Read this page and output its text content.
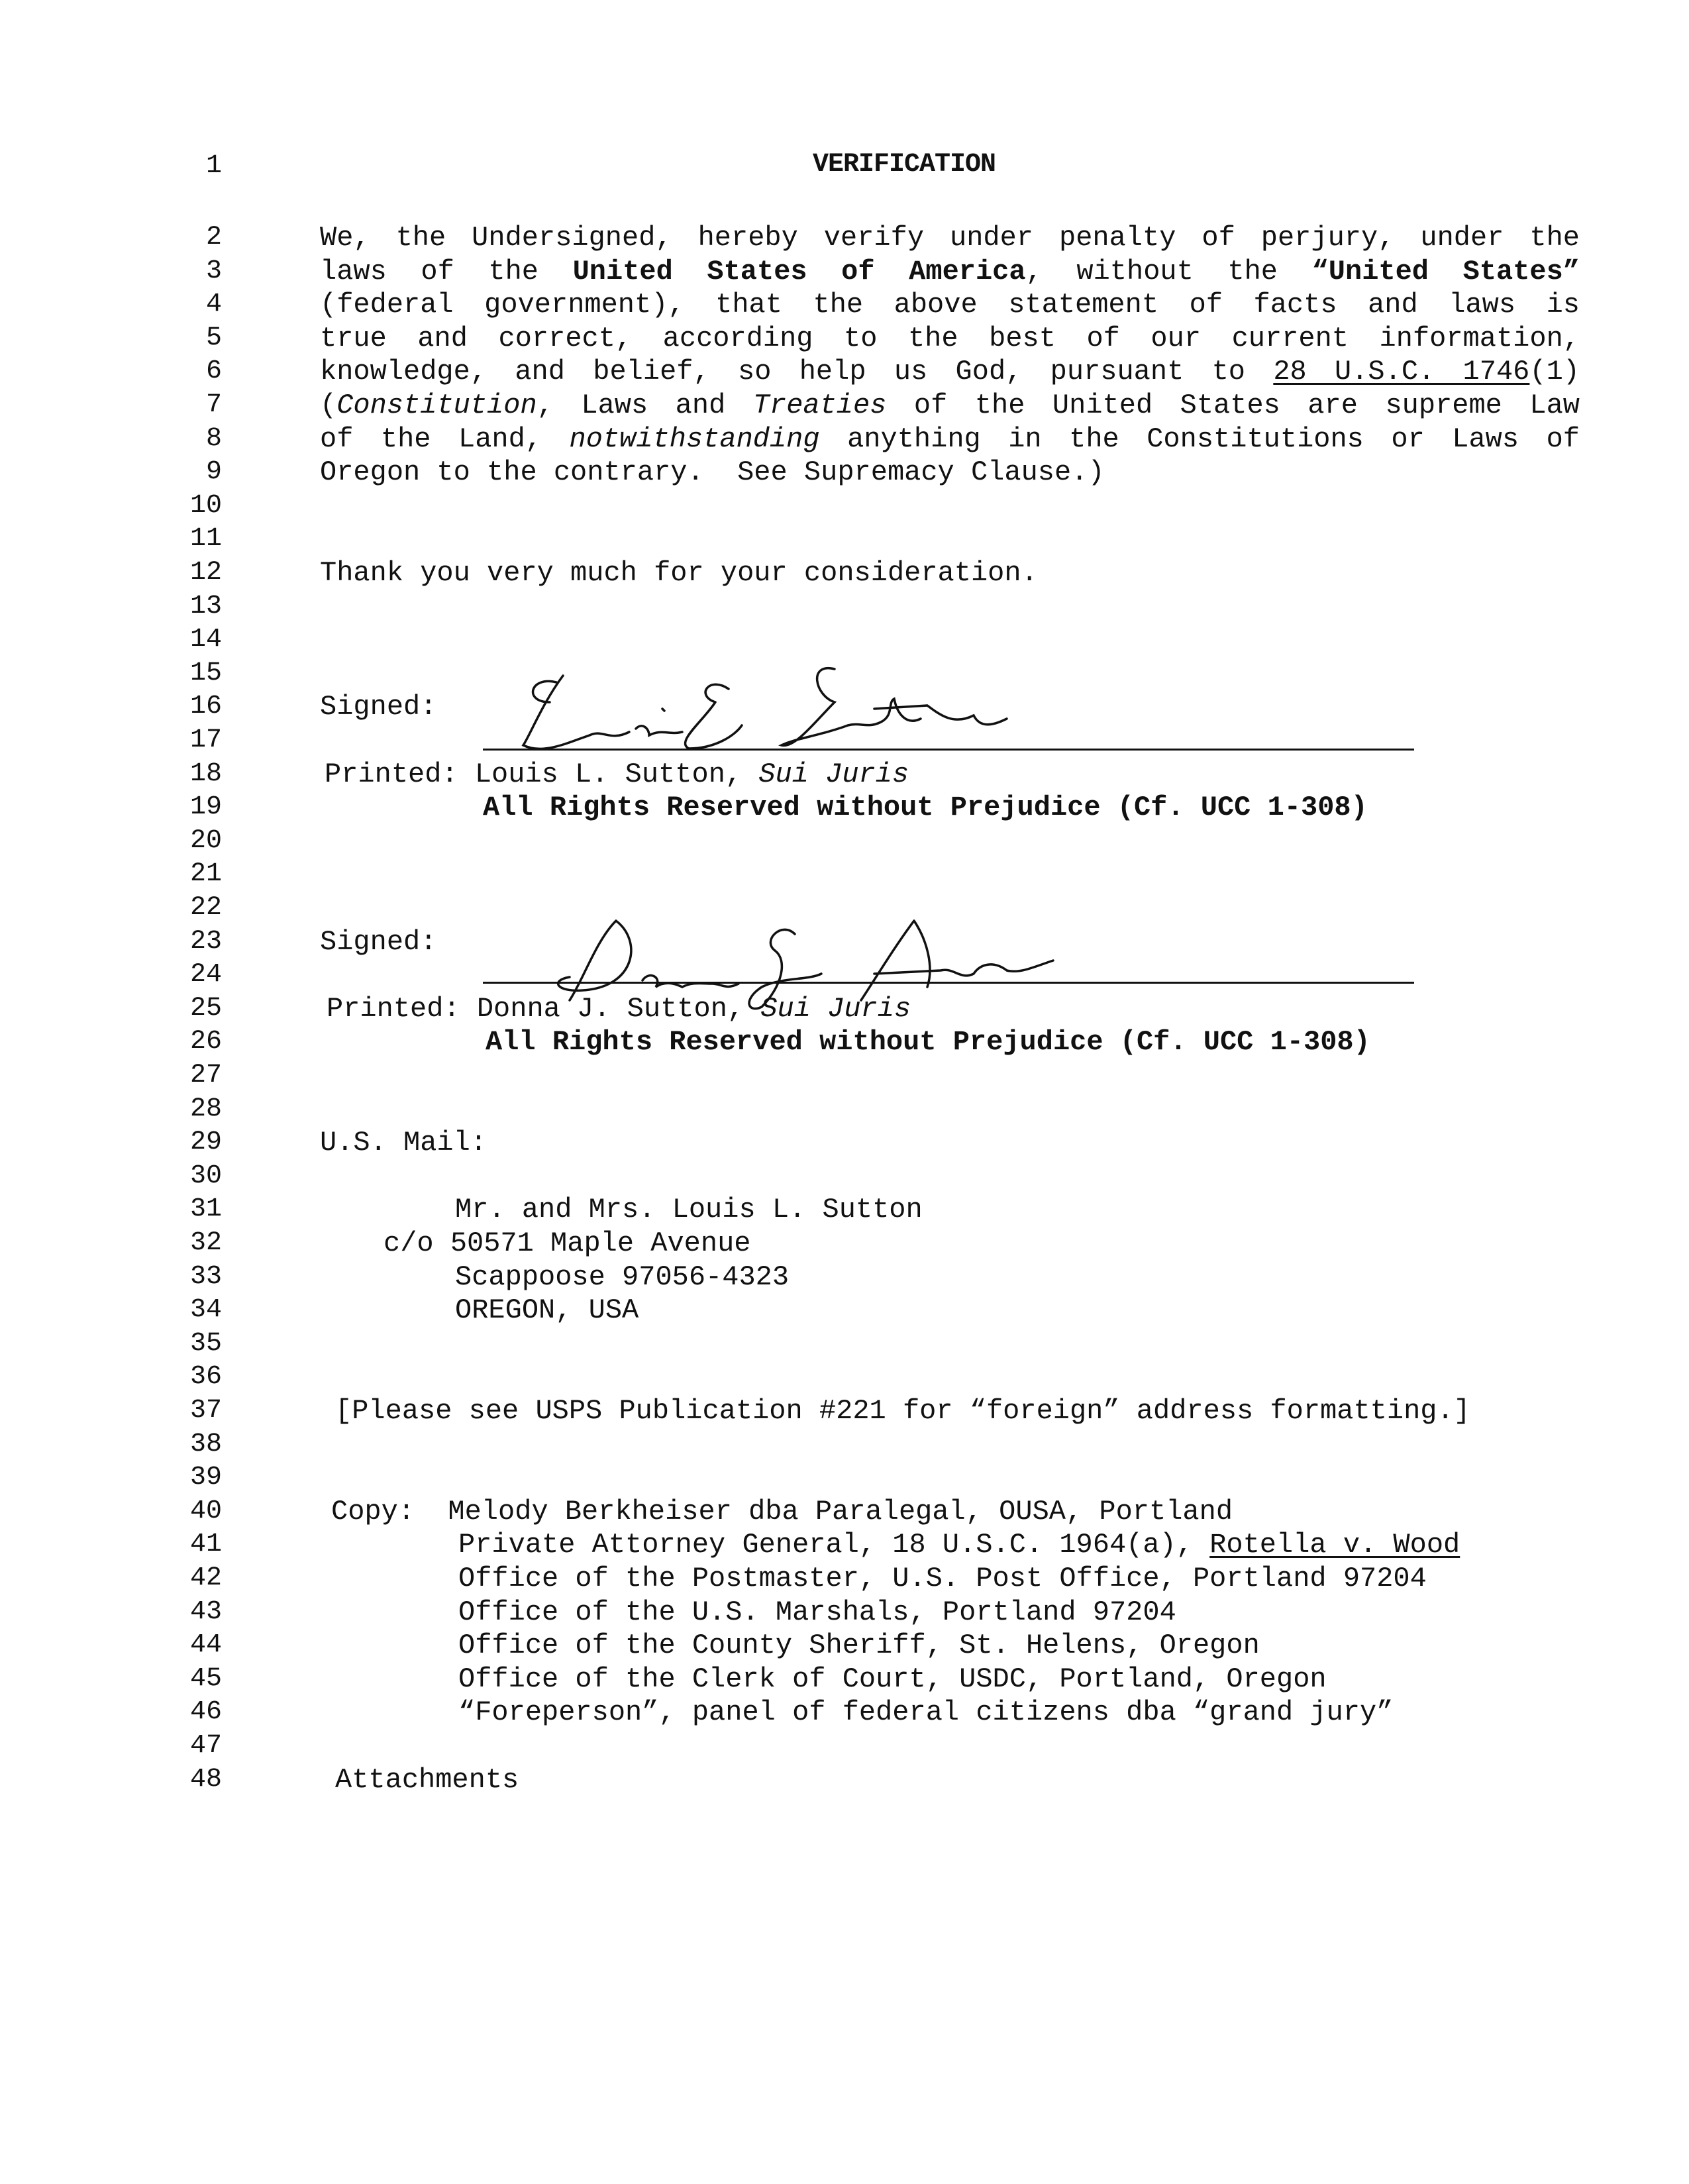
VERIFICATION
1
2
3
4
5
6
7
8
9
10
11
12
13
14
15
16
17
18
19
20
21
22
23
24
25
26
27
28
29
30
31
32
33
34
35
36
37
38
39
40
41
42
43
44
45
46
47
48
We, the Undersigned, hereby verify under penalty of perjury, under the
laws of the United States of America, without the “United States”
(federal government), that the above statement of facts and laws is
true and correct, according to the best of our current information,
knowledge, and belief, so help us God, pursuant to 28 U.S.C. 1746(1)
(Constitution, Laws and Treaties of the United States are supreme Law
of the Land, notwithstanding anything in the Constitutions or Laws of
Oregon to the contrary.  See Supremacy Clause.)
Thank you very much for your consideration.
Signed:
Printed: Louis L. Sutton, Sui Juris
All Rights Reserved without Prejudice (Cf. UCC 1-308)
Signed:
Printed: Donna J. Sutton, Sui Juris
All Rights Reserved without Prejudice (Cf. UCC 1-308)
U.S. Mail:
Mr. and Mrs. Louis L. Sutton
c/o 50571 Maple Avenue
Scappoose 97056-4323
OREGON, USA
[Please see USPS Publication #221 for “foreign” address formatting.]
Copy:  Melody Berkheiser dba Paralegal, OUSA, Portland
Private Attorney General, 18 U.S.C. 1964(a), Rotella v. Wood
Office of the Postmaster, U.S. Post Office, Portland 97204
Office of the U.S. Marshals, Portland 97204
Office of the County Sheriff, St. Helens, Oregon
Office of the Clerk of Court, USDC, Portland, Oregon
“Foreperson”, panel of federal citizens dba “grand jury”
Attachments
